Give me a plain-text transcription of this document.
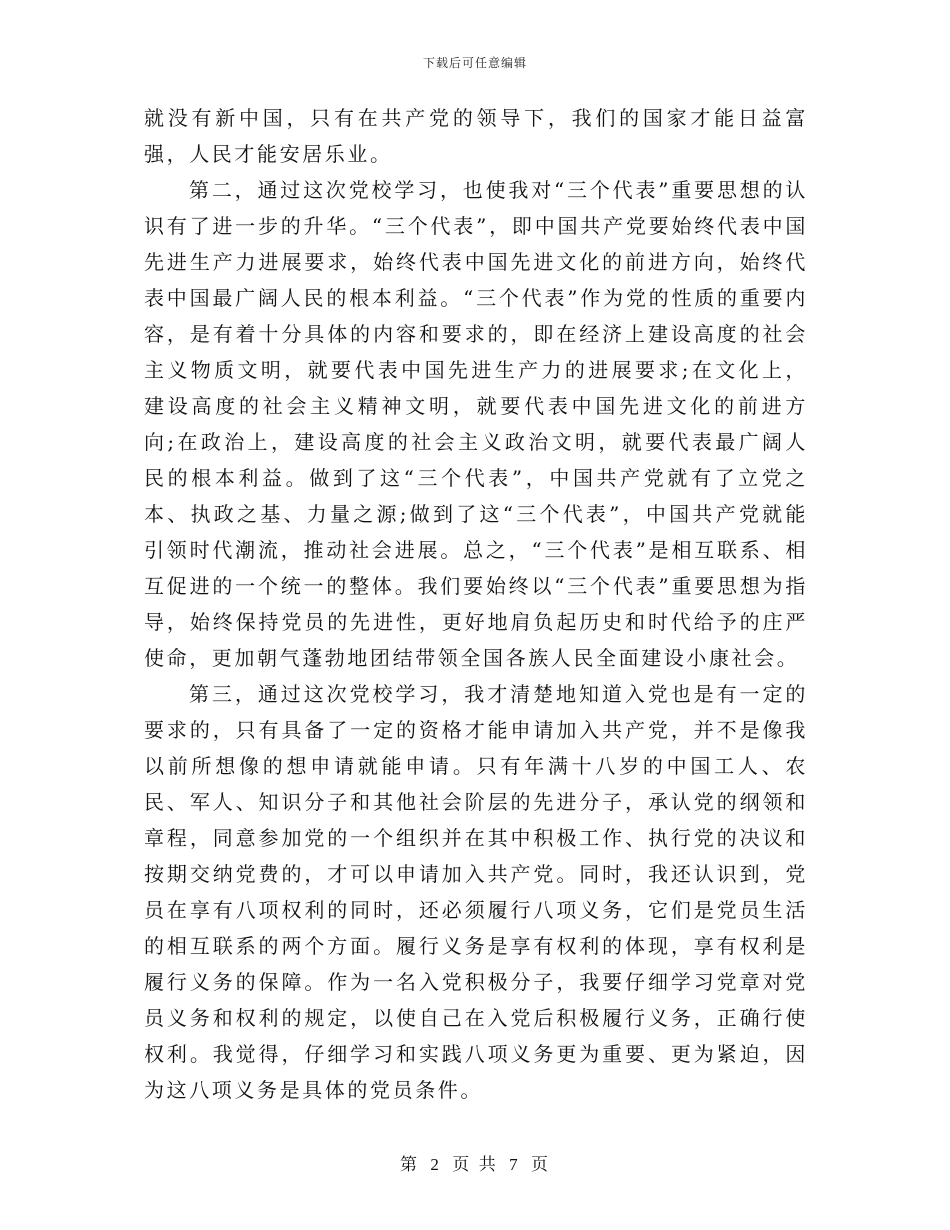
下载后可任意编辑

就没有新中国，只有在共产党的领导下，我们的国家才能日益富强，人民才能安居乐业。

第二，通过这次党校学习，也使我对“三个代表”重要思想的认识有了进一步的升华。“三个代表”，即中国共产党要始终代表中国先进生产力进展要求，始终代表中国先进文化的前进方向，始终代表中国最广阔人民的根本利益。“三个代表”作为党的性质的重要内容，是有着十分具体的内容和要求的，即在经济上建设高度的社会主义物质文明，就要代表中国先进生产力的进展要求;在文化上，建设高度的社会主义精神文明，就要代表中国先进文化的前进方向;在政治上，建设高度的社会主义政治文明，就要代表最广阔人民的根本利益。做到了这“三个代表”，中国共产党就有了立党之本、执政之基、力量之源;做到了这“三个代表”，中国共产党就能引领时代潮流，推动社会进展。总之，“三个代表”是相互联系、相互促进的一个统一的整体。我们要始终以“三个代表”重要思想为指导，始终保持党员的先进性，更好地肩负起历史和时代给予的庄严使命，更加朝气蓬勃地团结带领全国各族人民全面建设小康社会。

第三，通过这次党校学习，我才清楚地知道入党也是有一定的要求的，只有具备了一定的资格才能申请加入共产党，并不是像我以前所想像的想申请就能申请。只有年满十八岁的中国工人、农民、军人、知识分子和其他社会阶层的先进分子，承认党的纲领和章程，同意参加党的一个组织并在其中积极工作、执行党的决议和按期交纳党费的，才可以申请加入共产党。同时，我还认识到，党员在享有八项权利的同时，还必须履行八项义务，它们是党员生活的相互联系的两个方面。履行义务是享有权利的体现，享有权利是履行义务的保障。作为一名入党积极分子，我要仔细学习党章对党员义务和权利的规定，以使自己在入党后积极履行义务，正确行使权利。我觉得，仔细学习和实践八项义务更为重要、更为紧迫，因为这八项义务是具体的党员条件。

第 2 页 共 7 页
